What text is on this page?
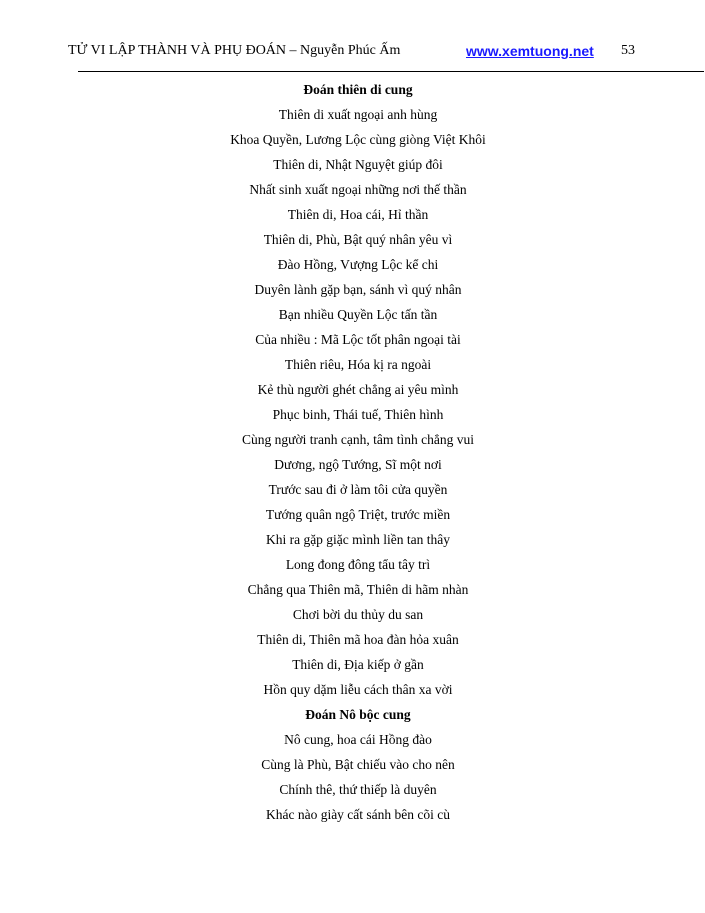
TỬ VI LẬP THÀNH VÀ PHỤ ĐOÁN – Nguyễn Phúc Ấm	www.xemtuong.net 53
Đoán thiên di cung
Thiên di xuất ngoại anh hùng
Khoa Quyền, Lương Lộc cùng giòng Việt Khôi
Thiên di, Nhật Nguyệt giúp đôi
Nhất sinh xuất ngoại những nơi thế thần
Thiên di, Hoa cái, Hỉ thần
Thiên di, Phù, Bật quý nhân yêu vì
Đào Hồng, Vượng Lộc kể chi
Duyên lành gặp bạn, sánh vì quý nhân
Bạn nhiều Quyền Lộc tấn tần
Của nhiều : Mã Lộc tốt phân ngoại tài
Thiên riêu, Hóa kị ra ngoài
Kẻ thù người ghét chẳng ai yêu mình
Phục binh, Thái tuế, Thiên hình
Cùng người tranh cạnh, tâm tình chẳng vui
Dương, ngộ Tướng, Sĩ một nơi
Trước sau đi ở làm tôi cửa quyền
Tướng quân ngộ Triệt, trước miền
Khi ra gặp giặc mình liền tan thây
Long đong đông tẩu tây trì
Chẳng qua Thiên mã, Thiên di hãm nhàn
Chơi bời du thủy du san
Thiên di, Thiên mã hoa đàn hỏa xuân
Thiên di, Địa kiếp ở gần
Hồn quy dặm liễu cách thân xa vời
Đoán Nô bộc cung
Nô cung, hoa cái Hồng đào
Cùng là Phù, Bật chiếu vào cho nên
Chính thê, thứ thiếp là duyên
Khác nào giày cất sánh bên cõi cù
